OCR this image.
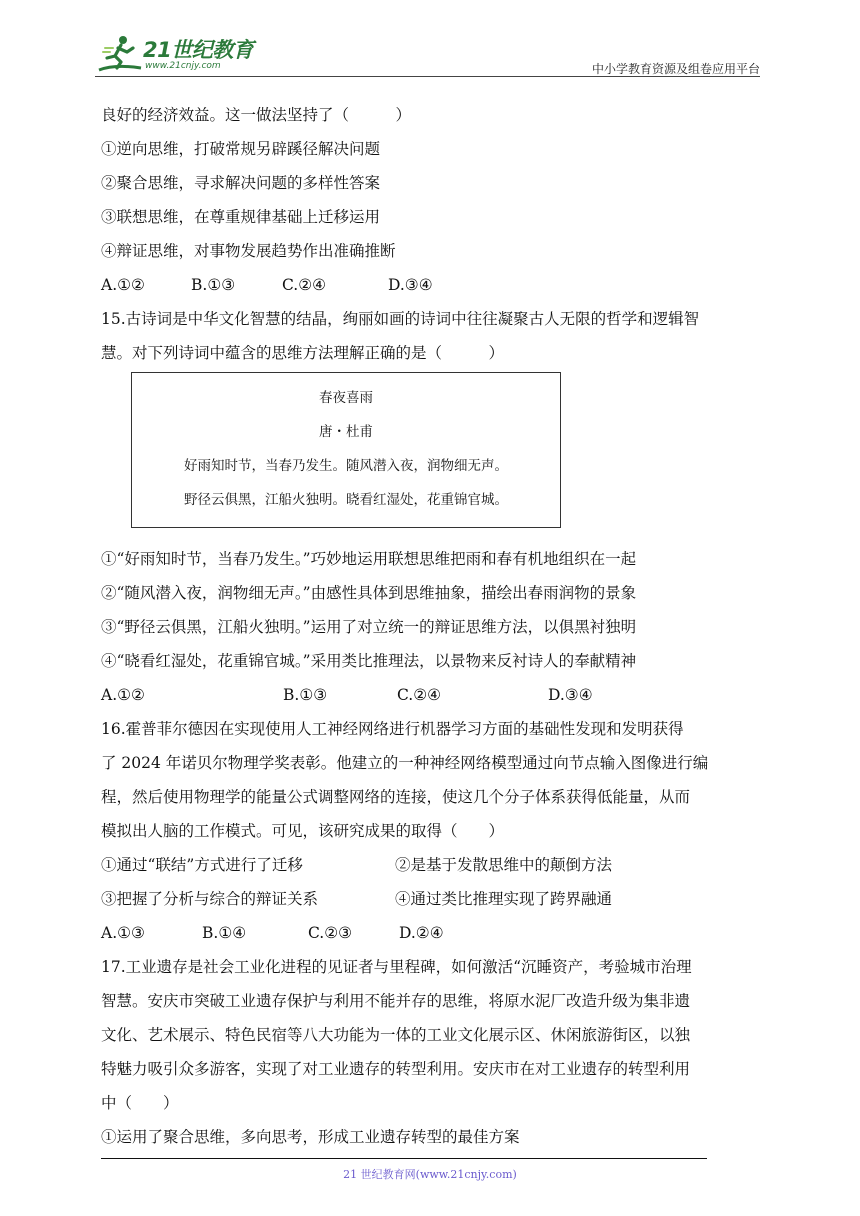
21世纪教育
www.21cnjy.com	中小学教育资源及组卷应用平台
良好的经济效益。这一做法坚持了（　　　）
①逆向思维，打破常规另辟蹊径解决问题
②聚合思维，寻求解决问题的多样性答案
③联想思维，在尊重规律基础上迁移运用
④辩证思维，对事物发展趋势作出准确推断
A.①②	B.①③	C.②④	D.③④
15.古诗词是中华文化智慧的结晶，绚丽如画的诗词中往往凝聚古人无限的哲学和逻辑智
慧。对下列诗词中蕴含的思维方法理解正确的是（　　　）
春夜喜雨
唐・杜甫
好雨知时节，当春乃发生。随风潜入夜，润物细无声。
野径云俱黑，江船火独明。晓看红湿处，花重锦官城。
①“好雨知时节，当春乃发生。”巧妙地运用联想思维把雨和春有机地组织在一起
②“随风潜入夜，润物细无声。”由感性具体到思维抽象，描绘出春雨润物的景象
③“野径云俱黑，江船火独明。”运用了对立统一的辩证思维方法，以俱黑衬独明
④“晓看红湿处，花重锦官城。”采用类比推理法，以景物来反衬诗人的奉献精神
A.①②	B.①③	C.②④	D.③④
16.霍普菲尔德因在实现使用人工神经网络进行机器学习方面的基础性发现和发明获得
了 2024 年诺贝尔物理学奖表彰。他建立的一种神经网络模型通过向节点输入图像进行编
程，然后使用物理学的能量公式调整网络的连接，使这几个分子体系获得低能量，从而
模拟出人脑的工作模式。可见，该研究成果的取得（　　）
①通过“联结”方式进行了迁移	②是基于发散思维中的颠倒方法
③把握了分析与综合的辩证关系	④通过类比推理实现了跨界融通
A.①③	B.①④	C.②③	D.②④
17.工业遗存是社会工业化进程的见证者与里程碑，如何激活“沉睡资产，考验城市治理
智慧。安庆市突破工业遗存保护与利用不能并存的思维，将原水泥厂改造升级为集非遗
文化、艺术展示、特色民宿等八大功能为一体的工业文化展示区、休闲旅游街区，以独
特魅力吸引众多游客，实现了对工业遗存的转型利用。安庆市在对工业遗存的转型利用
中（　　）
①运用了聚合思维，多向思考，形成工业遗存转型的最佳方案
21 世纪教育网(www.21cnjy.com)
